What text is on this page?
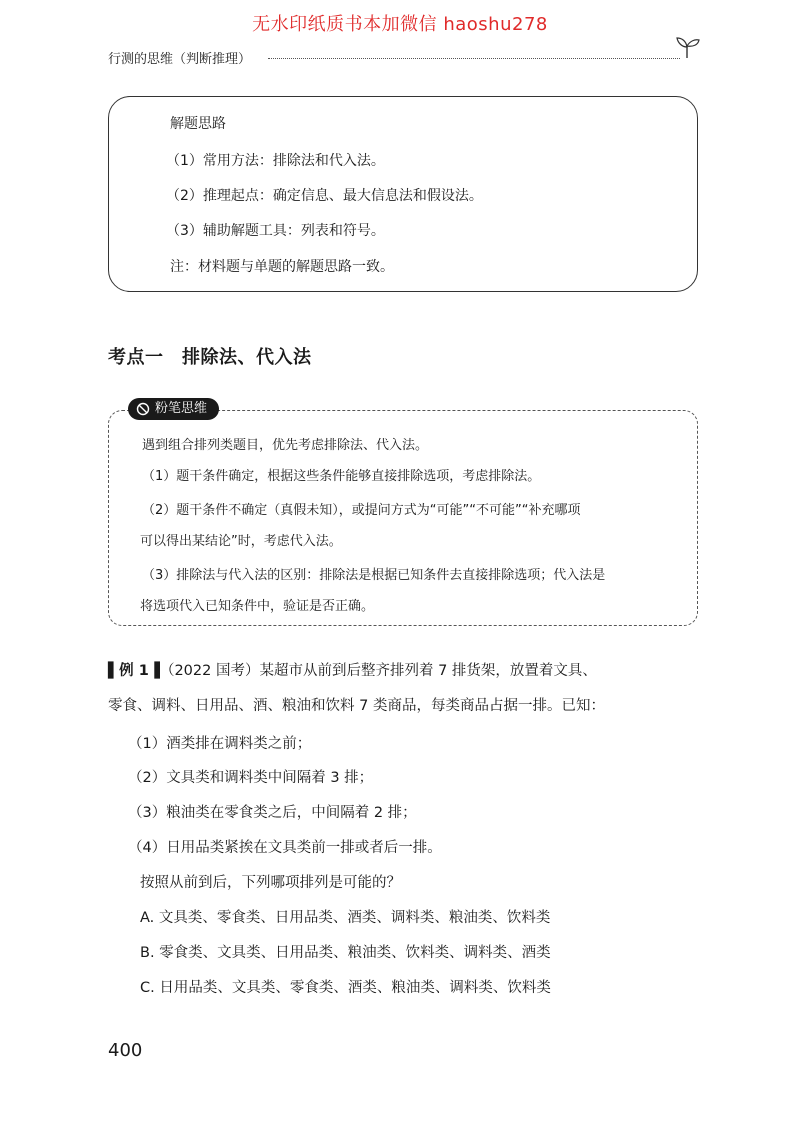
无水印纸质书本加微信 haoshu278
行测的思维（判断推理）
解题思路
（1）常用方法：排除法和代入法。
（2）推理起点：确定信息、最大信息法和假设法。
（3）辅助解题工具：列表和符号。
注：材料题与单题的解题思路一致。
考点一　排除法、代入法
粉笔思维
遇到组合排列类题目，优先考虑排除法、代入法。
（1）题干条件确定，根据这些条件能够直接排除选项，考虑排除法。
（2）题干条件不确定（真假未知），或提问方式为“可能”“不可能”“补充哪项
可以得出某结论”时，考虑代入法。
（3）排除法与代入法的区别：排除法是根据已知条件去直接排除选项；代入法是
将选项代入已知条件中，验证是否正确。
▌例 1▐（2022 国考）某超市从前到后整齐排列着 7 排货架，放置着文具、
零食、调料、日用品、酒、粮油和饮料 7 类商品，每类商品占据一排。已知：
（1）酒类排在调料类之前；
（2）文具类和调料类中间隔着 3 排；
（3）粮油类在零食类之后，中间隔着 2 排；
（4）日用品类紧挨在文具类前一排或者后一排。
按照从前到后，下列哪项排列是可能的？
A. 文具类、零食类、日用品类、酒类、调料类、粮油类、饮料类
B. 零食类、文具类、日用品类、粮油类、饮料类、调料类、酒类
C. 日用品类、文具类、零食类、酒类、粮油类、调料类、饮料类
400
